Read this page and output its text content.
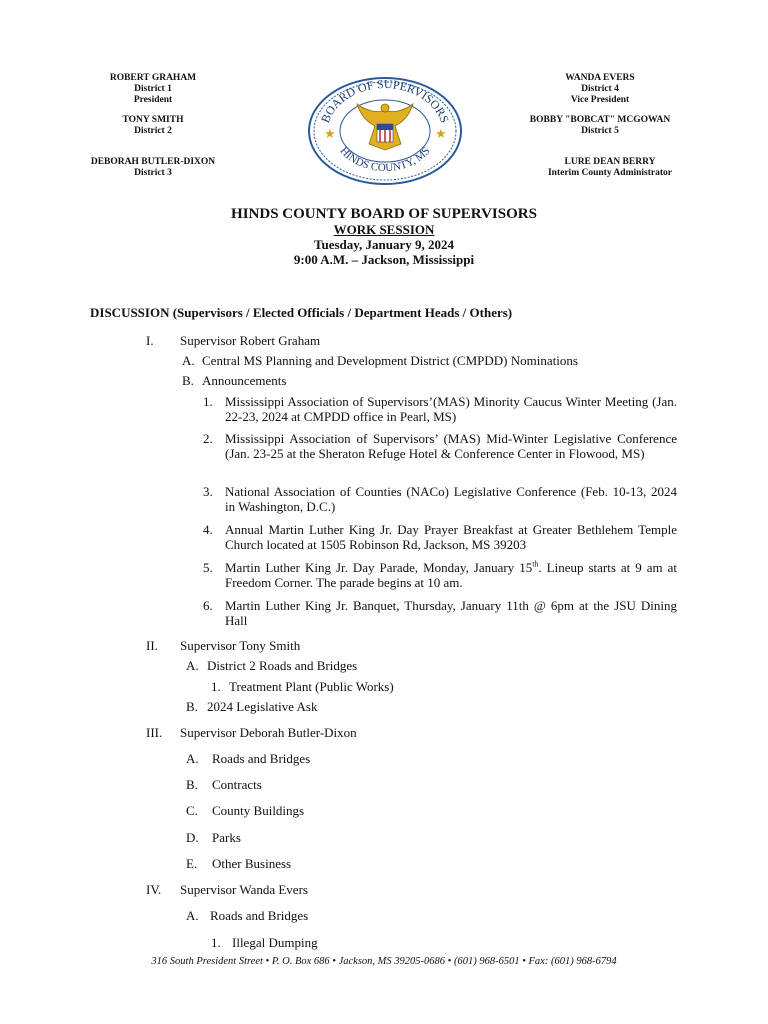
ROBERT GRAHAM
District 1
President
TONY SMITH
District 2
DEBORAH BUTLER-DIXON
District 3
BOARD OF SUPERVISORS
HINDS COUNTY, MS
★	★
WANDA EVERS
District 4
Vice President
BOBBY "BOBCAT" MCGOWAN
District 5
LURE DEAN BERRY
Interim County Administrator
HINDS COUNTY BOARD OF SUPERVISORS
WORK SESSION
Tuesday, January 9, 2024
9:00 A.M. – Jackson, Mississippi
DISCUSSION (Supervisors / Elected Officials / Department Heads / Others)
I. Supervisor Robert Graham
A. Central MS Planning and Development District (CMPDD) Nominations
B. Announcements
1. Mississippi Association of Supervisors’(MAS) Minority Caucus Winter Meeting (Jan. 22-23, 2024 at CMPDD office in Pearl, MS)
2. Mississippi Association of Supervisors’ (MAS) Mid-Winter Legislative Conference (Jan. 23-25 at the Sheraton Refuge Hotel & Conference Center in Flowood, MS)
3. National Association of Counties (NACo) Legislative Conference (Feb. 10-13, 2024 in Washington, D.C.)
4. Annual Martin Luther King Jr. Day Prayer Breakfast at Greater Bethlehem Temple Church located at 1505 Robinson Rd, Jackson, MS 39203
5. Martin Luther King Jr. Day Parade, Monday, January 15th. Lineup starts at 9 am at Freedom Corner. The parade begins at 10 am.
6. Martin Luther King Jr. Banquet, Thursday, January 11th @ 6pm at the JSU Dining Hall
II. Supervisor Tony Smith
A. District 2 Roads and Bridges
1. Treatment Plant (Public Works)
B. 2024 Legislative Ask
III. Supervisor Deborah Butler-Dixon
A. Roads and Bridges
B. Contracts
C. County Buildings
D. Parks
E. Other Business
IV. Supervisor Wanda Evers
A. Roads and Bridges
1. Illegal Dumping
316 South President Street • P. O. Box 686 • Jackson, MS 39205-0686 • (601) 968-6501 • Fax: (601) 968-6794
